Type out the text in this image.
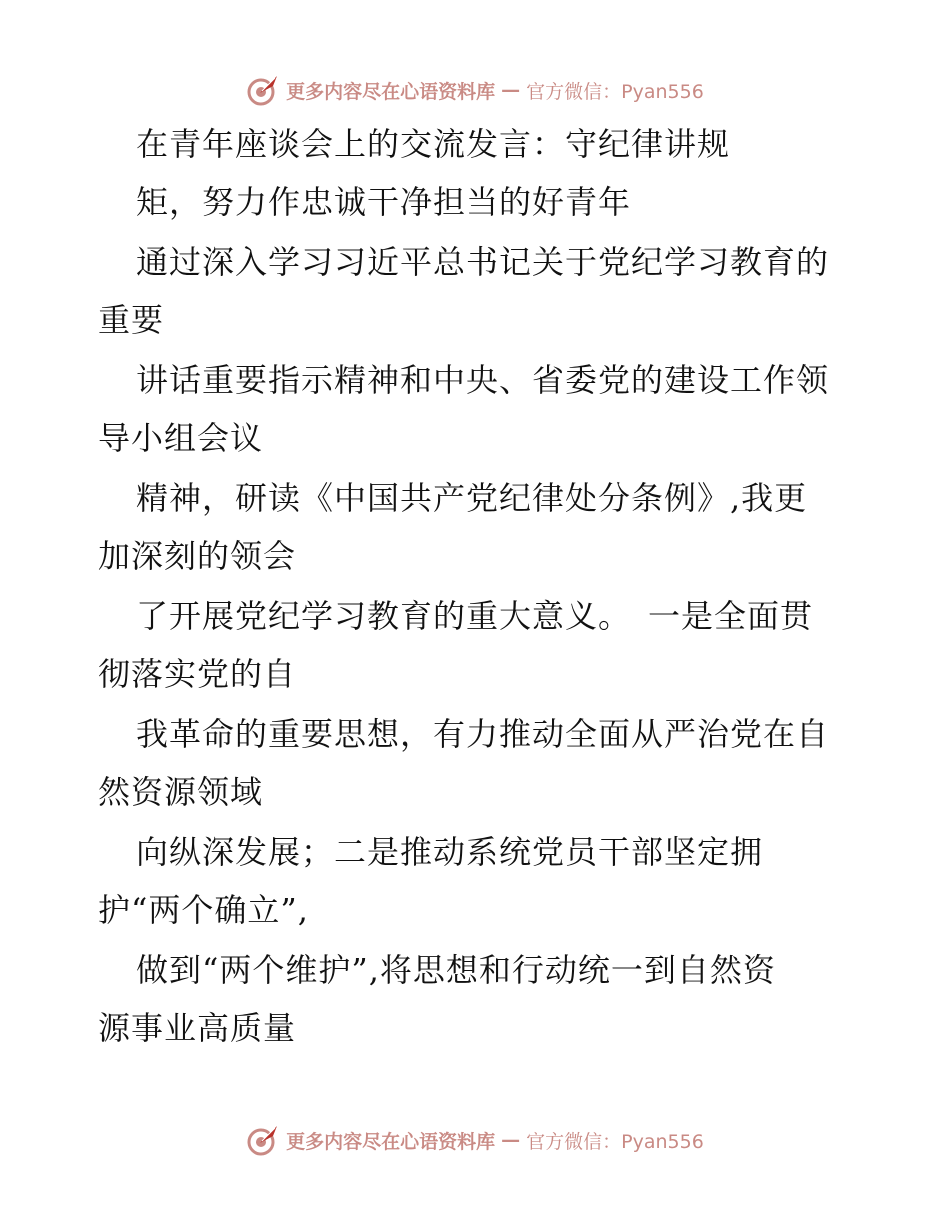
更多内容尽在心语资料库 — 官方微信：Pyan556
在青年座谈会上的交流发言：守纪律讲规
矩，努力作忠诚干净担当的好青年
通过深入学习习近平总书记关于党纪学习教育的
重要
讲话重要指示精神和中央、省委党的建设工作领
导小组会议
精神，研读《中国共产党纪律处分条例》,我更
加深刻的领会
了开展党纪学习教育的重大意义。　一是全面贯
彻落实党的自
我革命的重要思想，有力推动全面从严治党在自
然资源领域
向纵深发展；二是推动系统党员干部坚定拥
护“两个确立”,
做到“两个维护”,将思想和行动统一到自然资
源事业高质量
更多内容尽在心语资料库 — 官方微信：Pyan556
